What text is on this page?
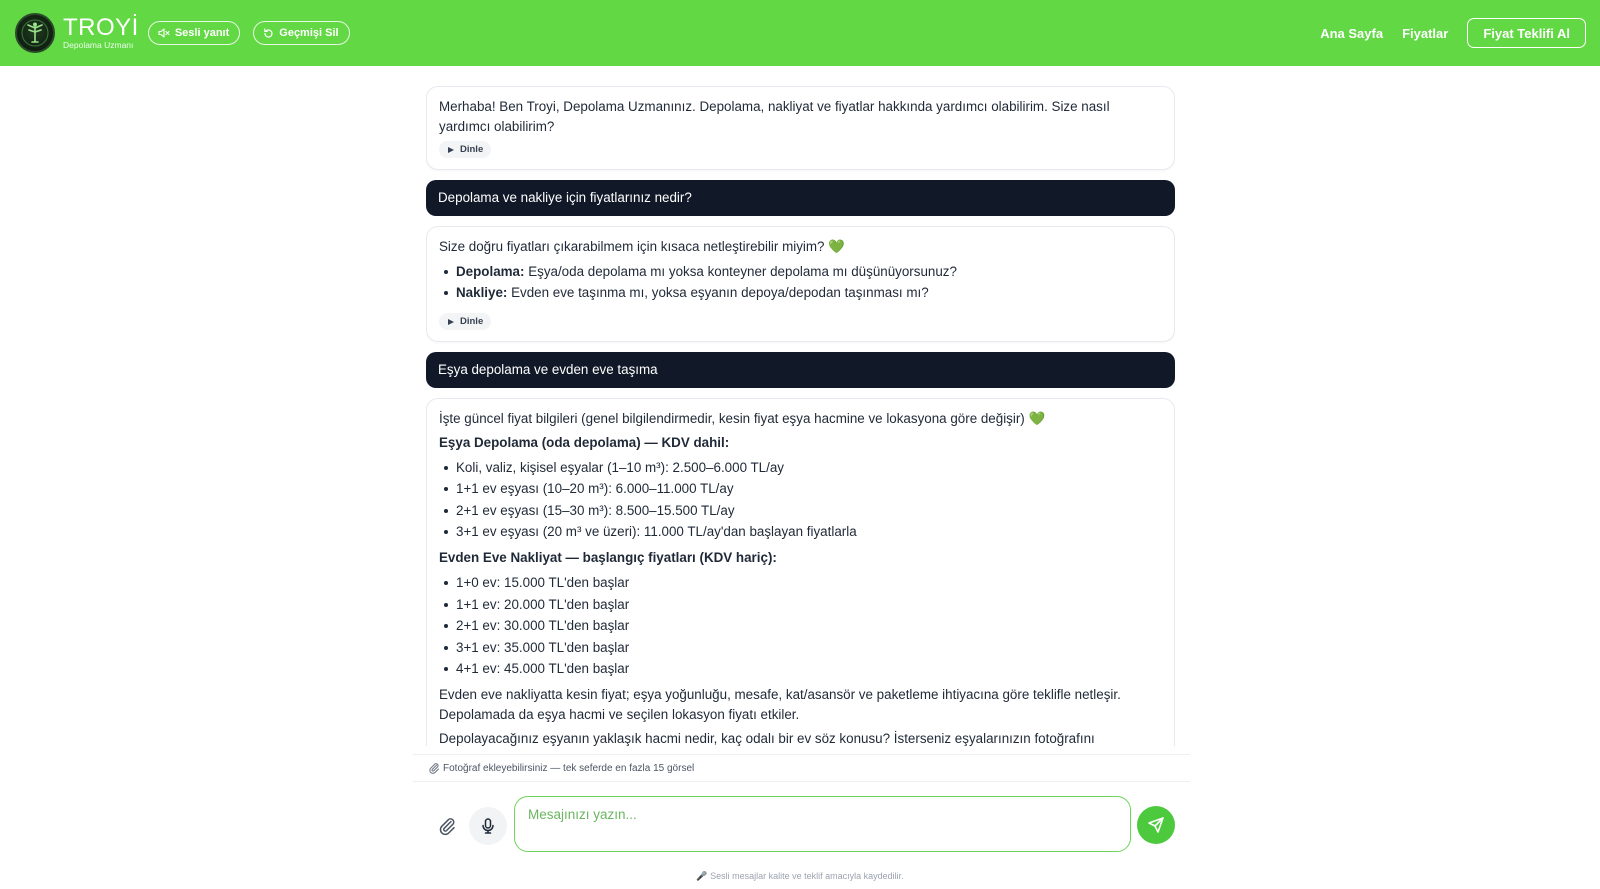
TROYİ
Depolama Uzmanı
Sesli yanıt	Geçmişi Sil	Ana Sayfa Fiyatlar	Fiyat Teklifi Al
Merhaba! Ben Troyi, Depolama Uzmanınız. Depolama, nakliyat ve fiyatlar hakkında yardımcı olabilirim. Size nasıl yardımcı olabilirim?
Dinle
Depolama ve nakliye için fiyatlarınız nedir?
Size doğru fiyatları çıkarabilmem için kısaca netleştirebilir miyim? 💚
Depolama: Eşya/oda depolama mı yoksa konteyner depolama mı düşünüyorsunuz?
Nakliye: Evden eve taşınma mı, yoksa eşyanın depoya/depodan taşınması mı?
Dinle
Eşya depolama ve evden eve taşıma
İşte güncel fiyat bilgileri (genel bilgilendirmedir, kesin fiyat eşya hacmine ve lokasyona göre değişir) 💚
Eşya Depolama (oda depolama) — KDV dahil:
Koli, valiz, kişisel eşyalar (1–10 m³): 2.500–6.000 TL/ay
1+1 ev eşyası (10–20 m³): 6.000–11.000 TL/ay
2+1 ev eşyası (15–30 m³): 8.500–15.500 TL/ay
3+1 ev eşyası (20 m³ ve üzeri): 11.000 TL/ay'dan başlayan fiyatlarla
Evden Eve Nakliyat — başlangıç fiyatları (KDV hariç):
1+0 ev: 15.000 TL'den başlar
1+1 ev: 20.000 TL'den başlar
2+1 ev: 30.000 TL'den başlar
3+1 ev: 35.000 TL'den başlar
4+1 ev: 45.000 TL'den başlar

Evden eve nakliyatta kesin fiyat; eşya yoğunluğu, mesafe, kat/asansör ve paketleme ihtiyacına göre teklifle netleşir. Depolamada da eşya hacmi ve seçilen lokasyon fiyatı etkiler.

Depolayacağınız eşyanın yaklaşık hacmi nedir, kaç odalı bir ev söz konusu? İsterseniz eşyalarınızın fotoğrafını

Fotoğraf ekleyebilirsiniz — tek seferde en fazla 15 görsel
Mesajınızı yazın...
🎤 Sesli mesajlar kalite ve teklif amacıyla kaydedilir.
